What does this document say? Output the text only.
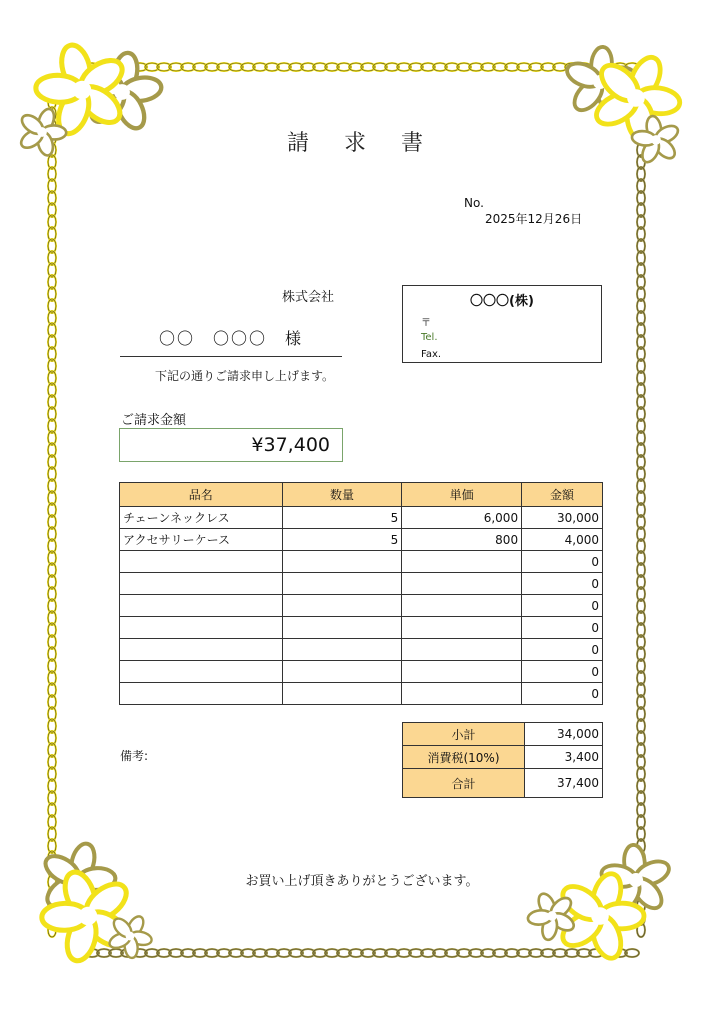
請 求 書
No.
2025年12月26日
株式会社
〇〇　〇〇〇　様
下記の通りご請求申し上げます。
〇〇〇(株)
〒
Tel.
Fax.
ご請求金額
¥37,400
品名	数量	単価	金額
チェーンネックレス	5	6,000	30,000
アクセサリーケース	5	800	4,000
			0
			0
			0
			0
			0
			0
			0
小計	34,000
消費税(10%)	3,400
合計	37,400
備考:
お買い上げ頂きありがとうございます。
